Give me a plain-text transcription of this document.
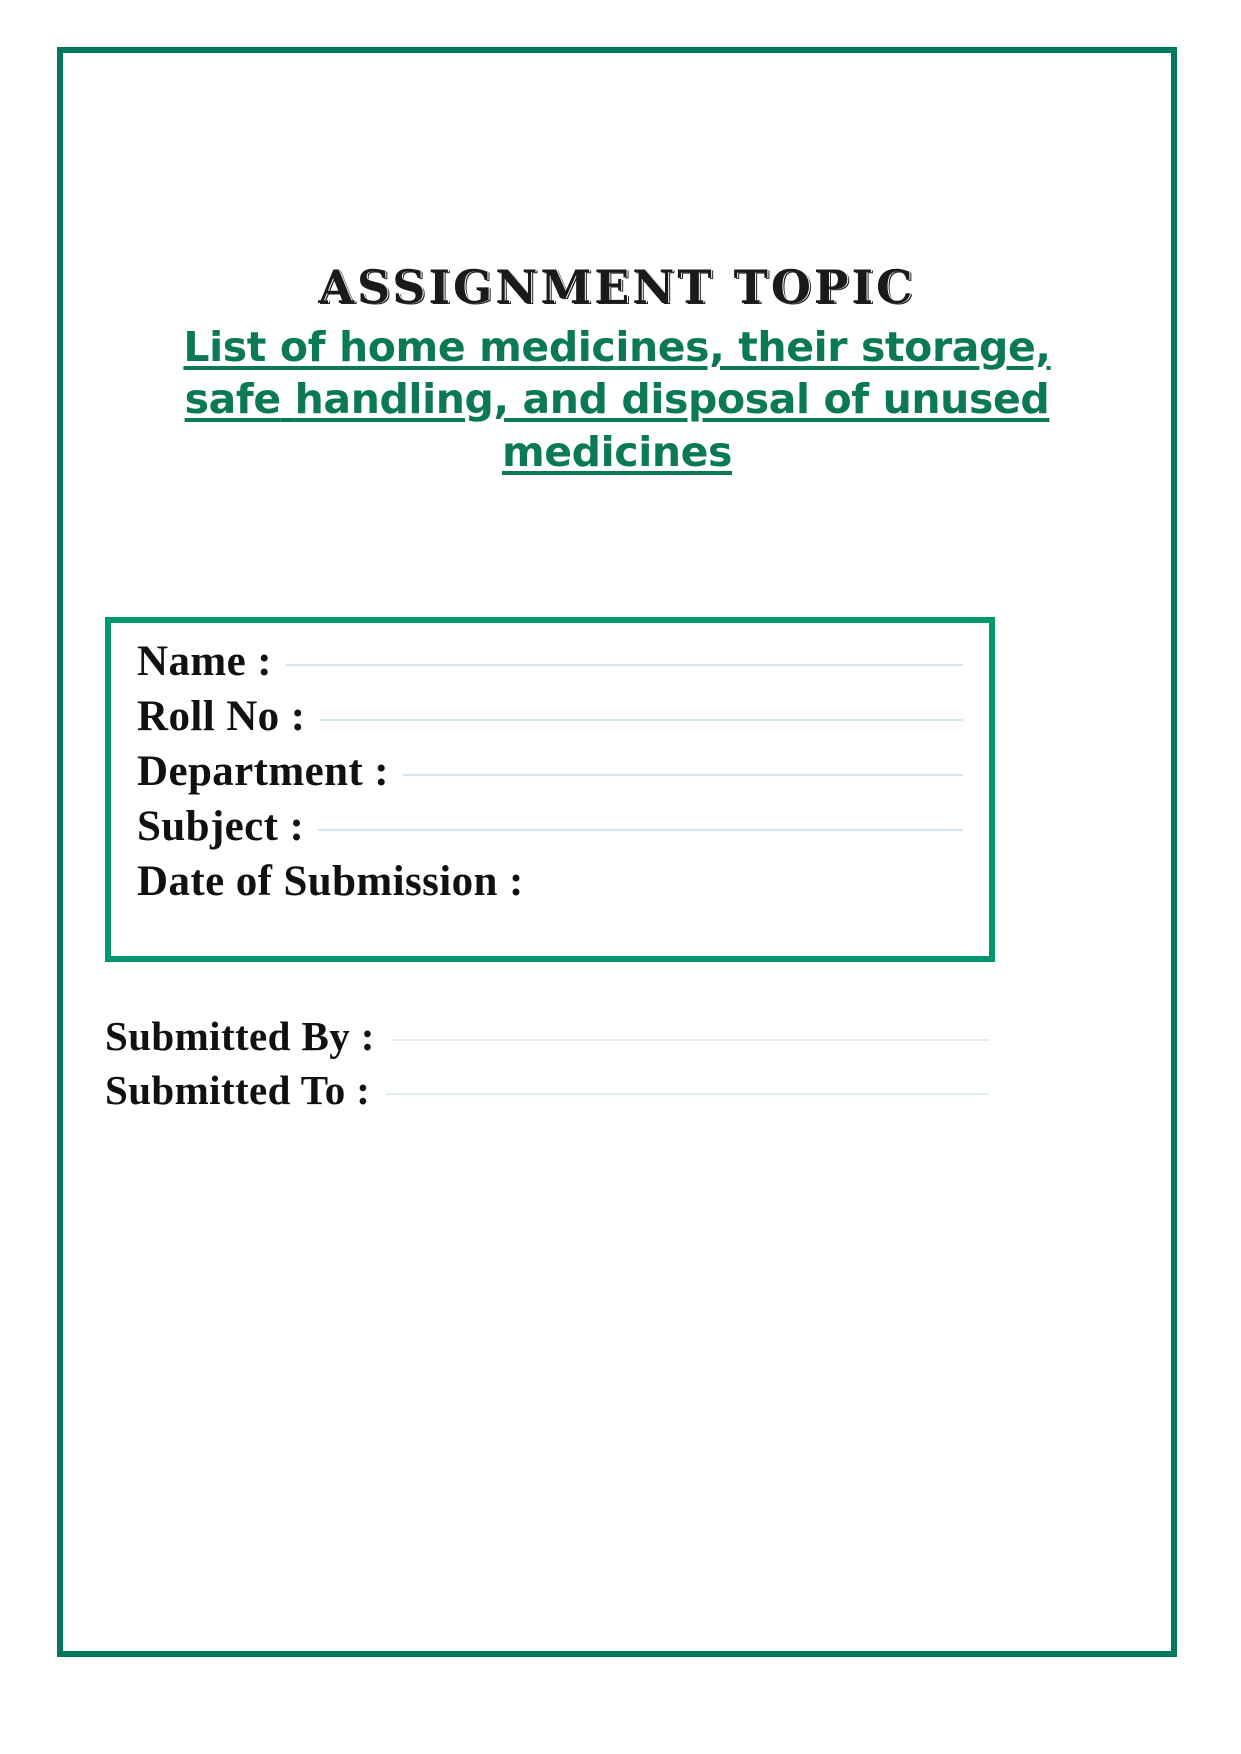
ASSIGNMENT TOPIC
List of home medicines, their storage, safe handling, and disposal of unused medicines
Name :
Roll No :
Department :
Subject :
Date of Submission :
Submitted By :
Submitted To :
